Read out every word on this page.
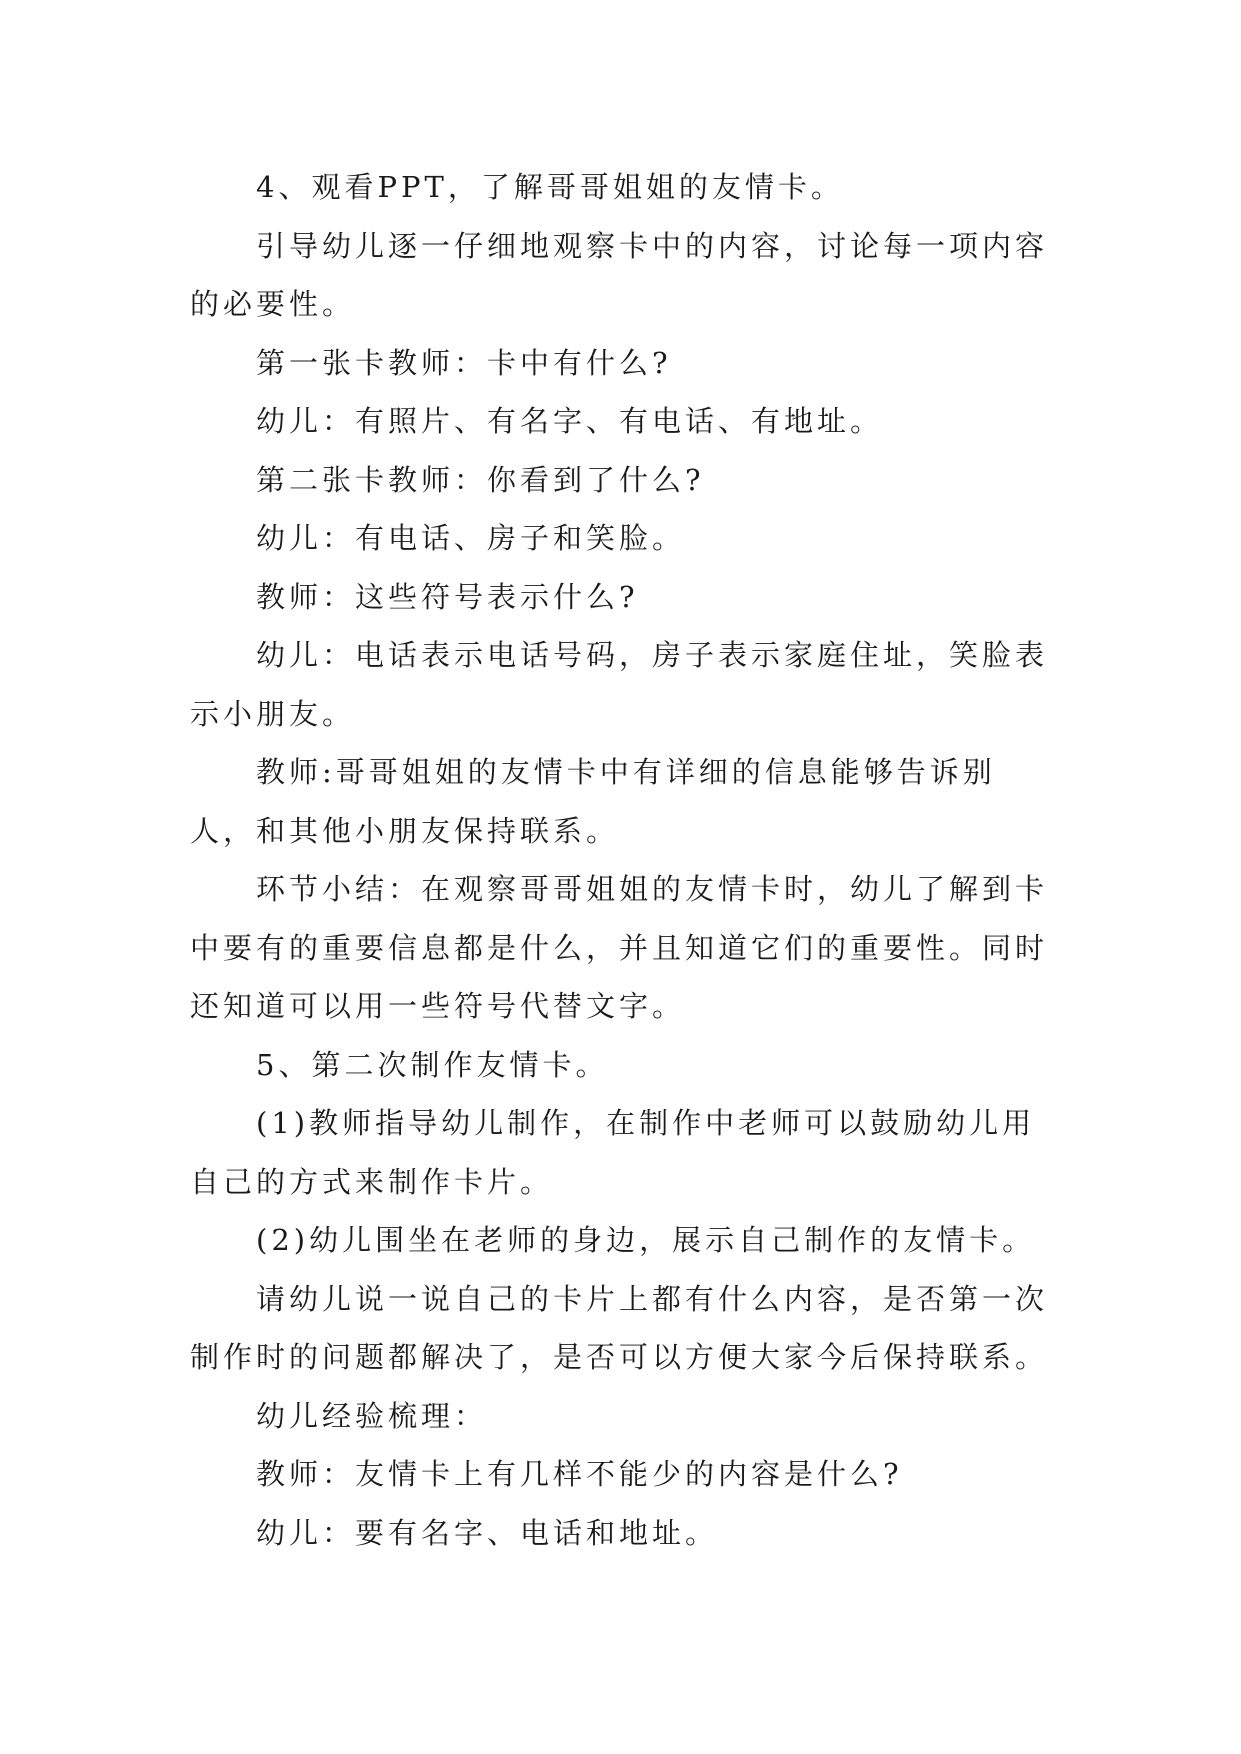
4、观看PPT，了解哥哥姐姐的友情卡。

引导幼儿逐一仔细地观察卡中的内容，讨论每一项内容的必要性。

第一张卡教师：卡中有什么?

幼儿：有照片、有名字、有电话、有地址。

第二张卡教师：你看到了什么?

幼儿：有电话、房子和笑脸。

教师：这些符号表示什么?

幼儿：电话表示电话号码，房子表示家庭住址，笑脸表示小朋友。

教师:哥哥姐姐的友情卡中有详细的信息能够告诉别人，和其他小朋友保持联系。

环节小结：在观察哥哥姐姐的友情卡时，幼儿了解到卡中要有的重要信息都是什么，并且知道它们的重要性。同时还知道可以用一些符号代替文字。

5、第二次制作友情卡。

(1)教师指导幼儿制作，在制作中老师可以鼓励幼儿用自己的方式来制作卡片。

(2)幼儿围坐在老师的身边，展示自己制作的友情卡。

请幼儿说一说自己的卡片上都有什么内容，是否第一次制作时的问题都解决了，是否可以方便大家今后保持联系。

幼儿经验梳理：

教师：友情卡上有几样不能少的内容是什么?

幼儿：要有名字、电话和地址。
